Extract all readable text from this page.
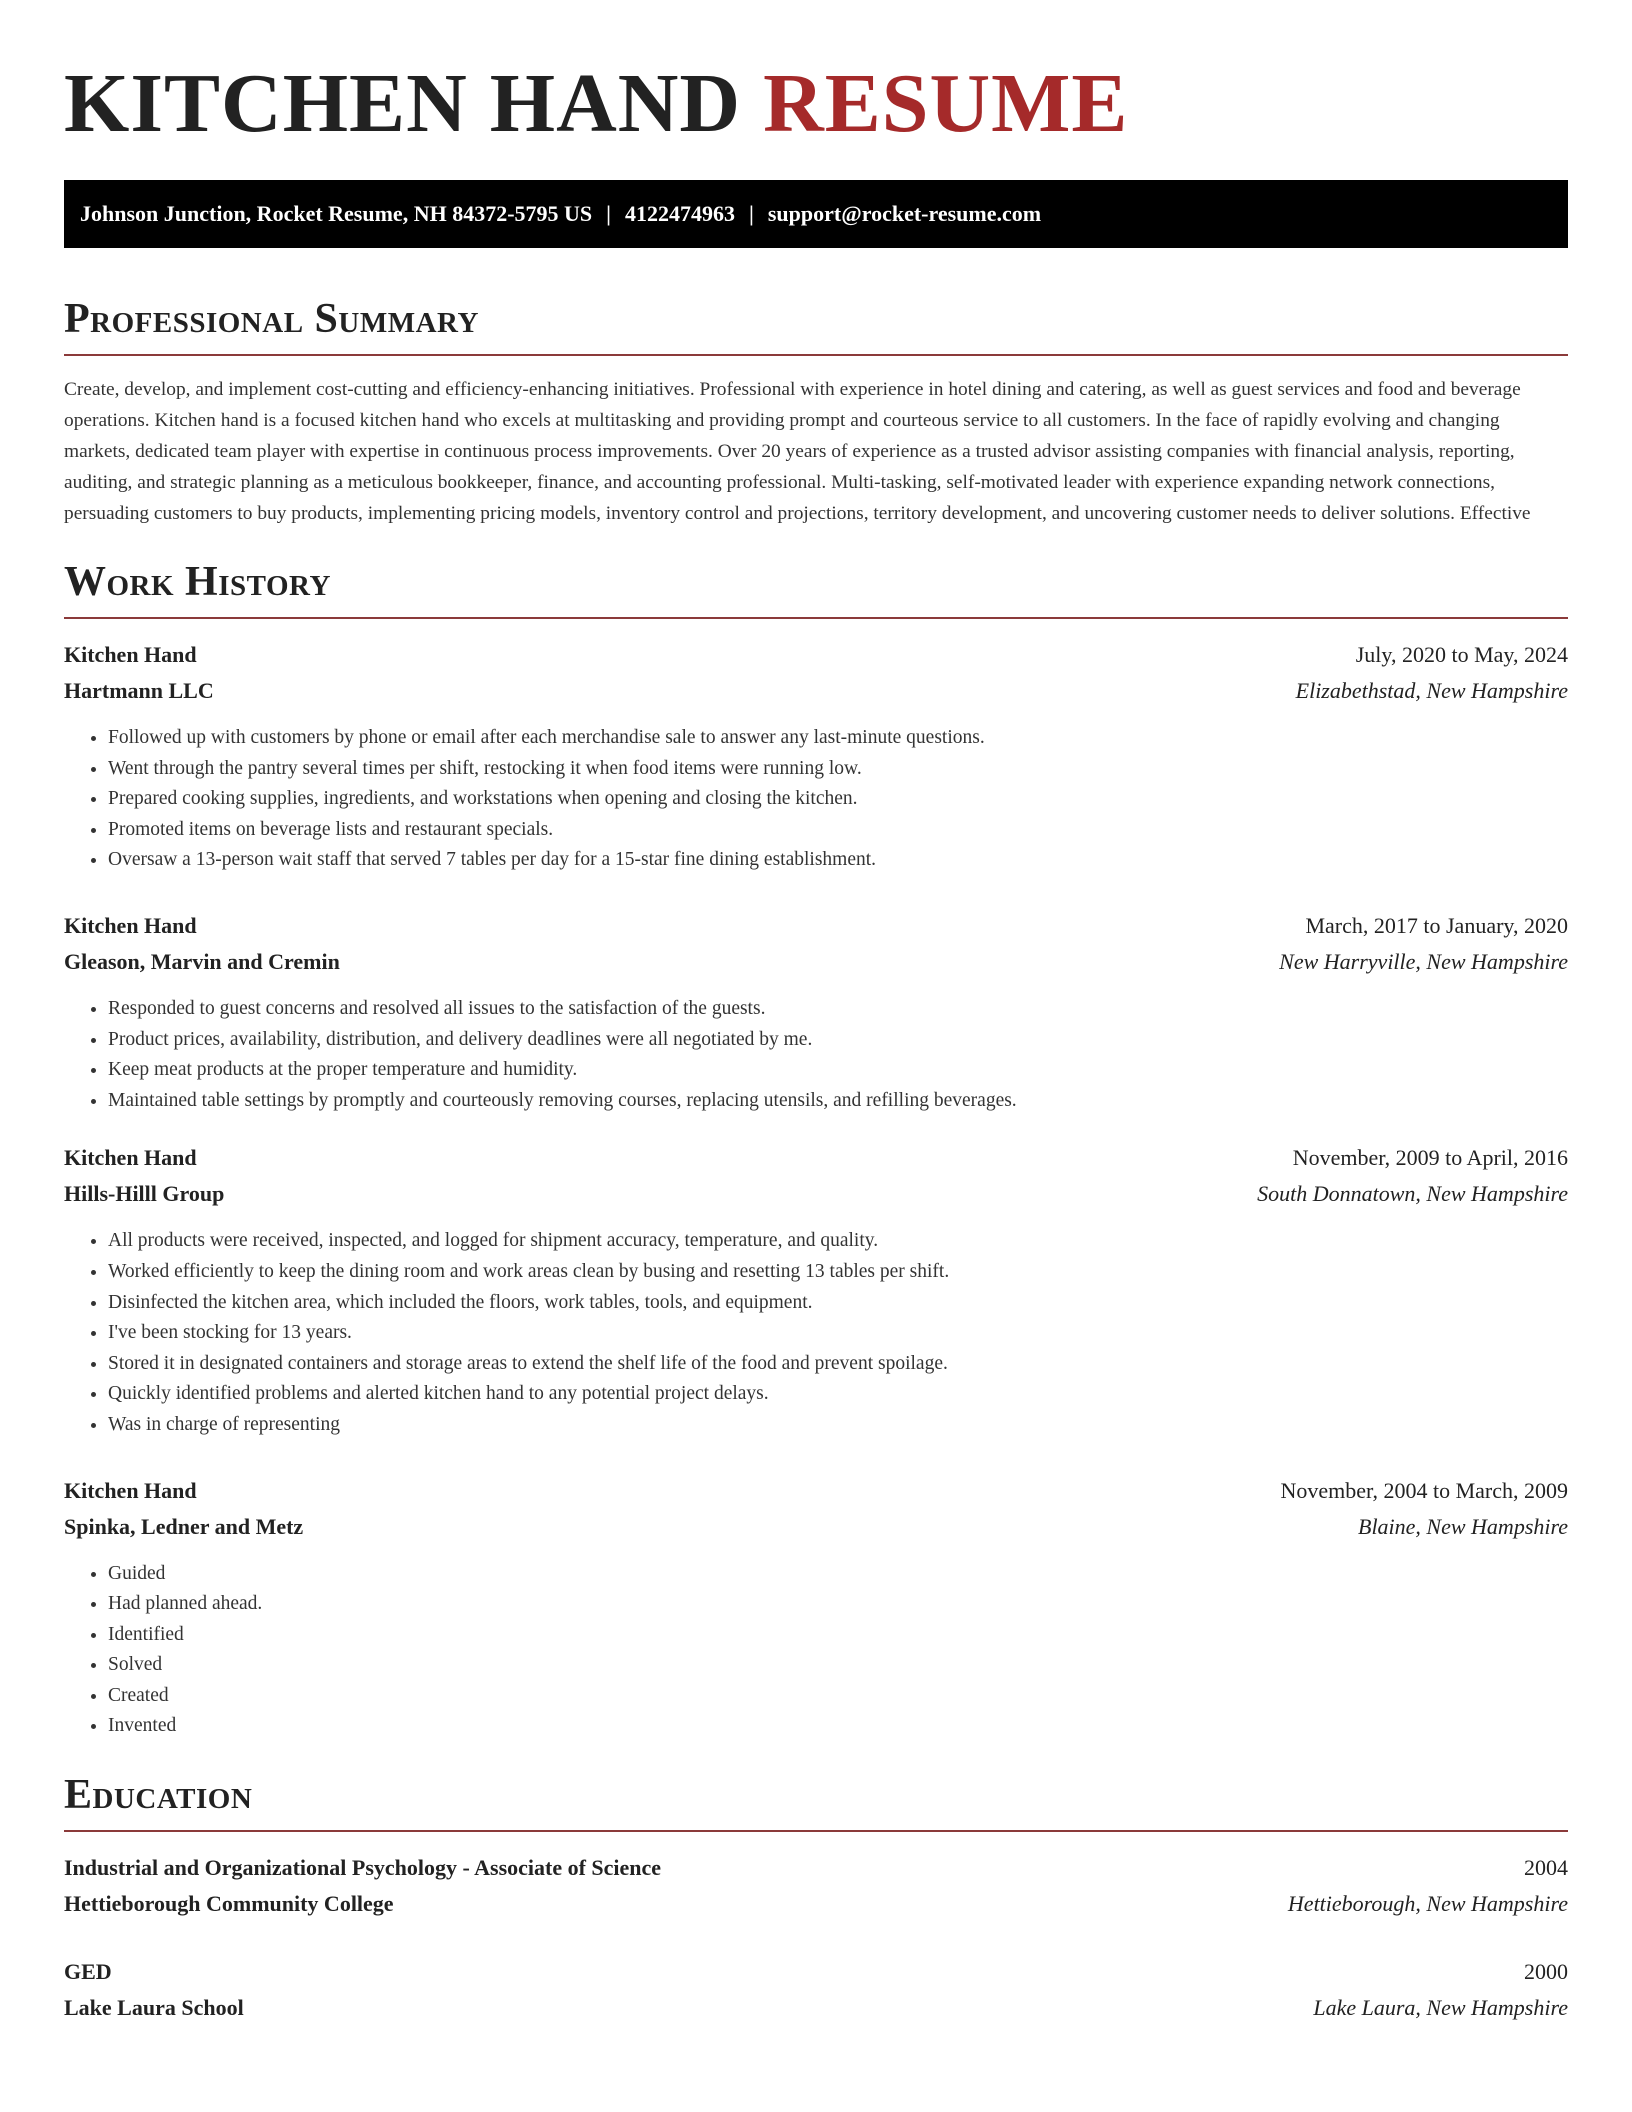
KITCHEN HAND RESUME
Johnson Junction, Rocket Resume, NH 84372-5795 US | 4122474963 | support@rocket-resume.com
Professional Summary

Create, develop, and implement cost-cutting and efficiency-enhancing initiatives. Professional with experience in hotel dining and catering, as well as guest services and food and beverage operations. Kitchen hand is a focused kitchen hand who excels at multitasking and providing prompt and courteous service to all customers. In the face of rapidly evolving and changing markets, dedicated team player with expertise in continuous process improvements. Over 20 years of experience as a trusted advisor assisting companies with financial analysis, reporting, auditing, and strategic planning as a meticulous bookkeeper, finance, and accounting professional. Multi-tasking, self-motivated leader with experience expanding network connections, persuading customers to buy products, implementing pricing models, inventory control and projections, territory development, and uncovering customer needs to deliver solutions. Effective

Work History
Kitchen Hand	July, 2020 to May, 2024
Hartmann LLC	Elizabethstad, New Hampshire
• Followed up with customers by phone or email after each merchandise sale to answer any last-minute questions.
• Went through the pantry several times per shift, restocking it when food items were running low.
• Prepared cooking supplies, ingredients, and workstations when opening and closing the kitchen.
• Promoted items on beverage lists and restaurant specials.
• Oversaw a 13-person wait staff that served 7 tables per day for a 15-star fine dining establishment.
Kitchen Hand	March, 2017 to January, 2020
Gleason, Marvin and Cremin	New Harryville, New Hampshire
• Responded to guest concerns and resolved all issues to the satisfaction of the guests.
• Product prices, availability, distribution, and delivery deadlines were all negotiated by me.
• Keep meat products at the proper temperature and humidity.
• Maintained table settings by promptly and courteously removing courses, replacing utensils, and refilling beverages.
Kitchen Hand	November, 2009 to April, 2016
Hills-Hilll Group	South Donnatown, New Hampshire
• All products were received, inspected, and logged for shipment accuracy, temperature, and quality.
• Worked efficiently to keep the dining room and work areas clean by busing and resetting 13 tables per shift.
• Disinfected the kitchen area, which included the floors, work tables, tools, and equipment.
• I've been stocking for 13 years.
• Stored it in designated containers and storage areas to extend the shelf life of the food and prevent spoilage.
• Quickly identified problems and alerted kitchen hand to any potential project delays.
• Was in charge of representing
Kitchen Hand	November, 2004 to March, 2009
Spinka, Ledner and Metz	Blaine, New Hampshire
• Guided
• Had planned ahead.
• Identified
• Solved
• Created
• Invented
Education
Industrial and Organizational Psychology - Associate of Science	2004
Hettieborough Community College	Hettieborough, New Hampshire
GED	2000
Lake Laura School	Lake Laura, New Hampshire
